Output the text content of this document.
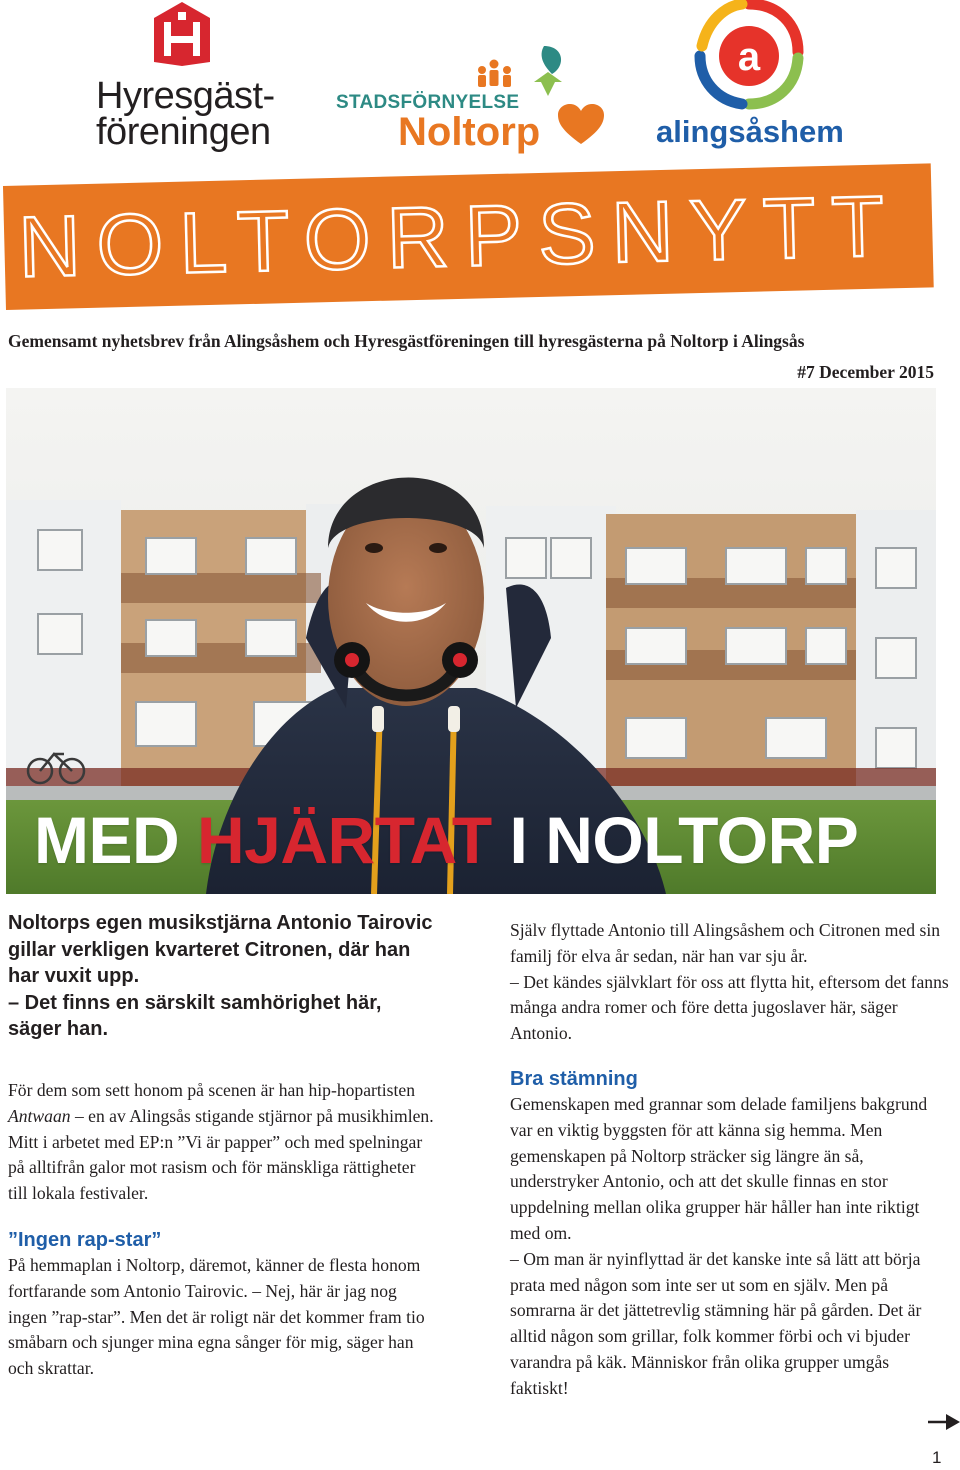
Hyresgäst-
föreningen
STADSFÖRNYELSE
Noltorp
a
alingsåshem
NOLTORPSNYTT
Gemensamt nyhetsbrev från Alingsåshem och Hyresgästföreningen till hyresgästerna på Noltorp i Alingsås
#7 December 2015
MED HJÄRTAT I NOLTORP

Noltorps egen musikstjärna Antonio Tairovic gillar verkligen kvarteret Citronen, där han har vuxit upp.

– Det finns en särskilt samhörighet här, säger han.

För dem som sett honom på scenen är han hip-hopartisten Antwaan – en av Alingsås stigande stjärnor på musikhimlen. Mitt i arbetet med EP:n ”Vi är papper” och med spelningar på alltifrån galor mot rasism och för mänskliga rättigheter till lokala festivaler.

”Ingen rap-star”

På hemmaplan i Noltorp, däremot, känner de flesta honom fortfarande som Antonio Tairovic. – Nej, här är jag nog ingen ”rap-star”. Men det är roligt när det kommer fram tio småbarn och sjunger mina egna sånger för mig, säger han och skrattar.

Själv flyttade Antonio till Alingsåshem och Citronen med sin familj för elva år sedan, när han var sju år.

– Det kändes självklart för oss att flytta hit, eftersom det fanns många andra romer och före detta jugoslaver här, säger Antonio.

Bra stämning

Gemenskapen med grannar som delade familjens bakgrund var en viktig byggsten för att känna sig hemma. Men gemenskapen på Noltorp sträcker sig längre än så, understryker Antonio, och att det skulle finnas en stor uppdelning mellan olika grupper här håller han inte riktigt med om.

– Om man är nyinflyttad är det kanske inte så lätt att börja prata med någon som inte ser ut som en själv. Men på somrarna är det jättetrevlig stämning här på gården. Det är alltid någon som grillar, folk kommer förbi och vi bjuder varandra på käk. Människor från olika grupper umgås faktiskt!

1
